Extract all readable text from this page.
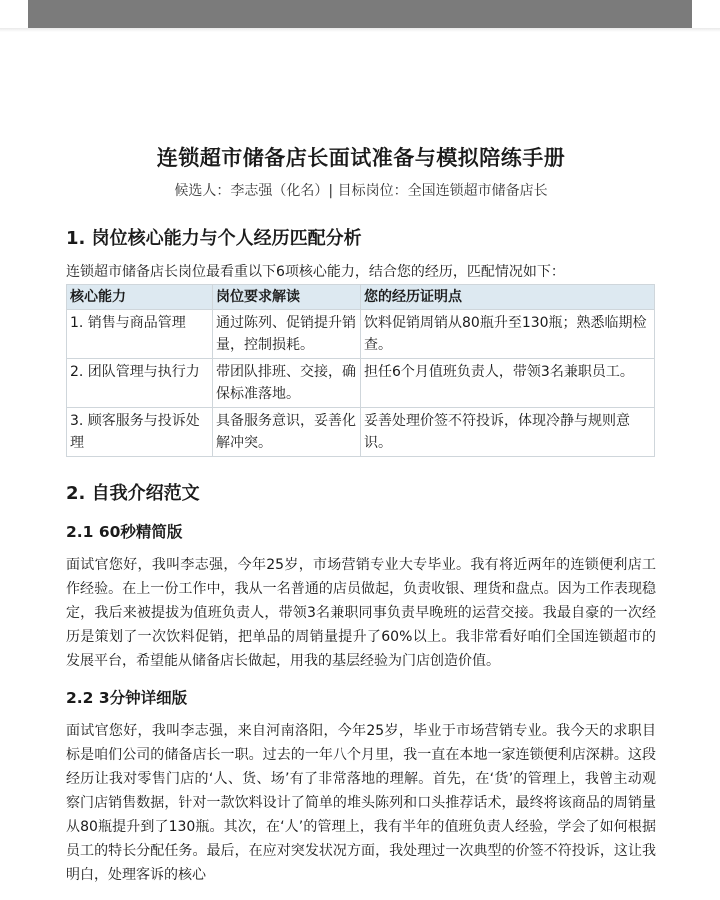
连锁超市储备店长面试准备与模拟陪练手册
候选人：李志强（化名）| 目标岗位：全国连锁超市储备店长
1. 岗位核心能力与个人经历匹配分析

连锁超市储备店长岗位最看重以下6项核心能力，结合您的经历，匹配情况如下：

核心能力	岗位要求解读	您的经历证明点
1. 销售与商品管理	通过陈列、促销提升销量，控制损耗。	饮料促销周销从80瓶升至130瓶；熟悉临期检查。
2. 团队管理与执行力	带团队排班、交接，确保标准落地。	担任6个月值班负责人，带领3名兼职员工。
3. 顾客服务与投诉处理	具备服务意识，妥善化解冲突。	妥善处理价签不符投诉，体现冷静与规则意识。
2. 自我介绍范文
2.1 60秒精简版

面试官您好，我叫李志强，今年25岁，市场营销专业大专毕业。我有将近两年的连锁便利店工作经验。在上一份工作中，我从一名普通的店员做起，负责收银、理货和盘点。因为工作表现稳定，我后来被提拔为值班负责人，带领3名兼职同事负责早晚班的运营交接。我最自豪的一次经历是策划了一次饮料促销，把单品的周销量提升了60%以上。我非常看好咱们全国连锁超市的发展平台，希望能从储备店长做起，用我的基层经验为门店创造价值。

2.2 3分钟详细版

面试官您好，我叫李志强，来自河南洛阳，今年25岁，毕业于市场营销专业。我今天的求职目标是咱们公司的储备店长一职。过去的一年八个月里，我一直在本地一家连锁便利店深耕。这段经历让我对零售门店的‘人、货、场’有了非常落地的理解。首先，在‘货’的管理上，我曾主动观察门店销售数据，针对一款饮料设计了简单的堆头陈列和口头推荐话术，最终将该商品的周销量从80瓶提升到了130瓶。其次，在‘人’的管理上，我有半年的值班负责人经验，学会了如何根据员工的特长分配任务。最后，在应对突发状况方面，我处理过一次典型的价签不符投诉，这让我明白，处理客诉的核心
